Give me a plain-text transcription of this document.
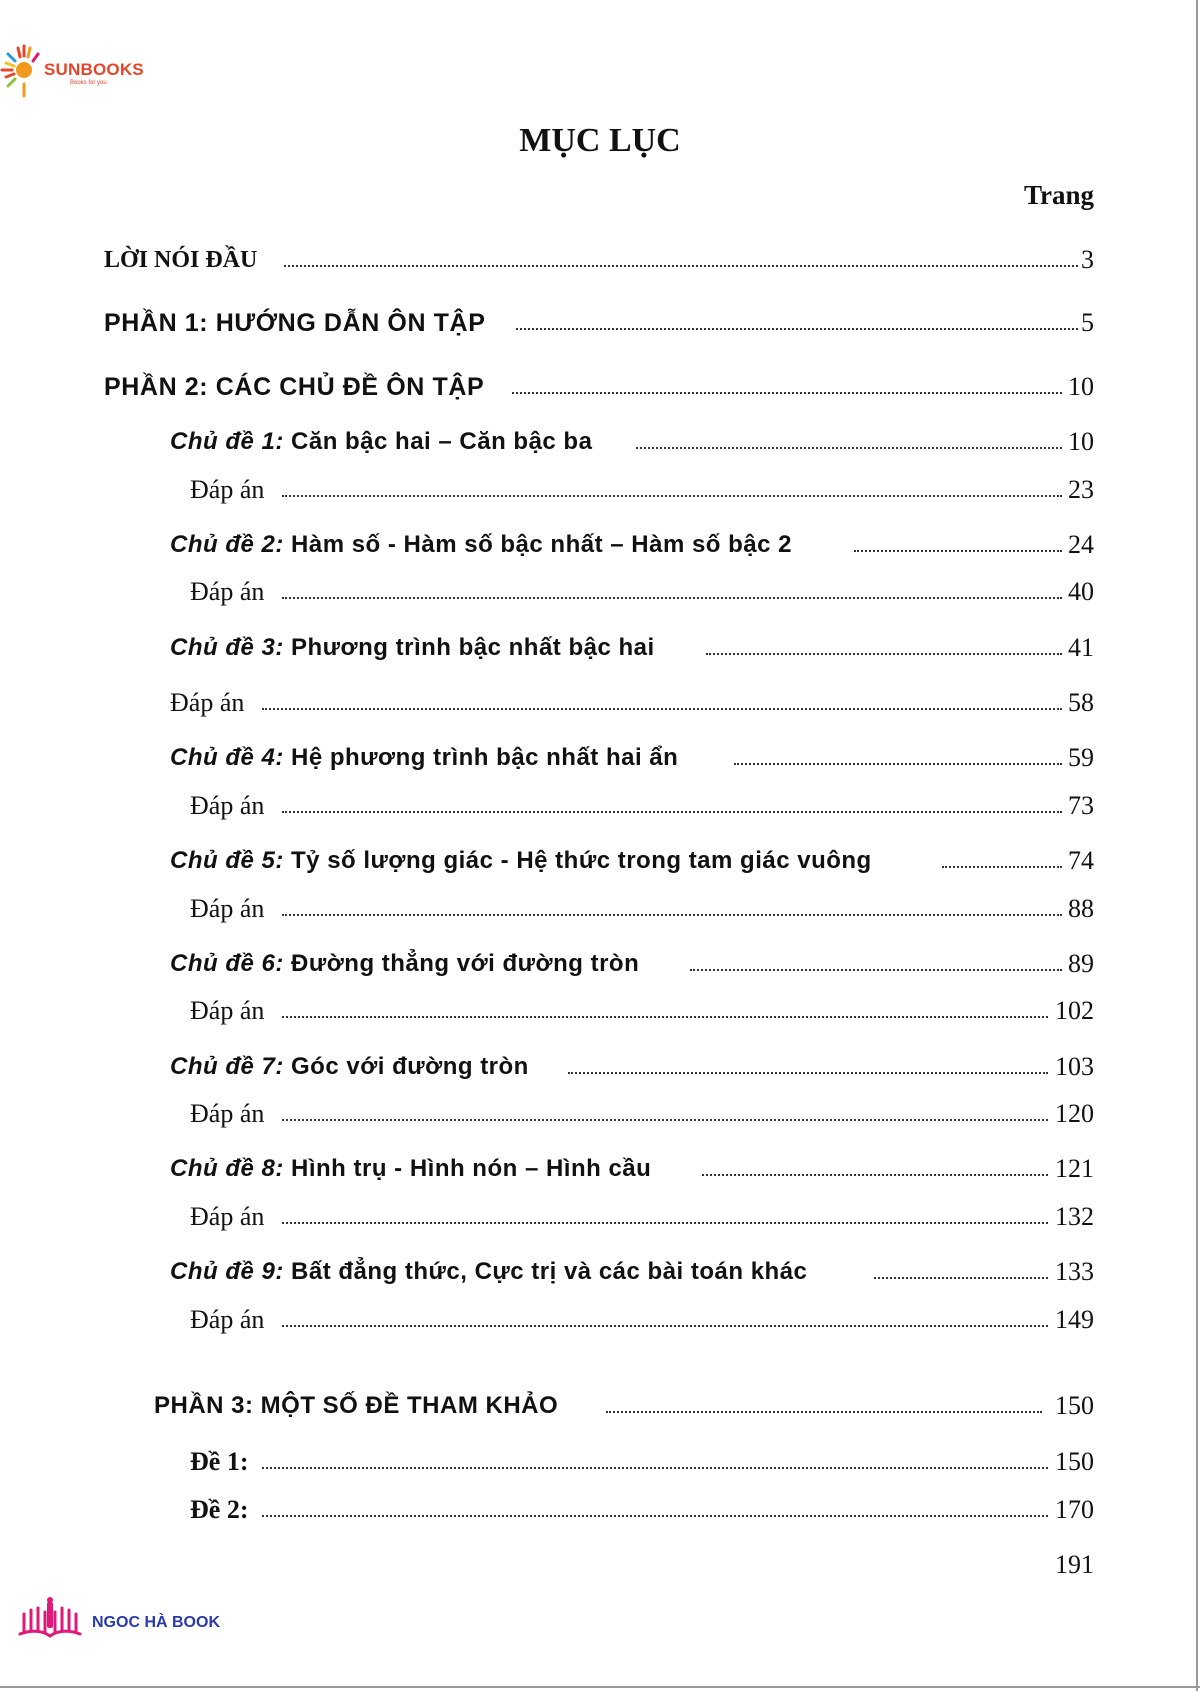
SUNBOOKS
Books for you
MỤC LỤC
Trang
LỜI NÓI ĐẦU	3
PHẦN 1: HƯỚNG DẪN ÔN TẬP	5
PHẦN 2: CÁC CHỦ ĐỀ ÔN TẬP	10
Chủ đề 1: Căn bậc hai – Căn bậc ba	10
Đáp án	23
Chủ đề 2: Hàm số - Hàm số bậc nhất – Hàm số bậc 2	24
Đáp án	40
Chủ đề 3: Phương trình bậc nhất bậc hai	41
Đáp án	58
Chủ đề 4: Hệ phương trình bậc nhất hai ẩn	59
Đáp án	73
Chủ đề 5: Tỷ số lượng giác - Hệ thức trong tam giác vuông	74
Đáp án	88
Chủ đề 6: Đường thẳng với đường tròn	89
Đáp án	102
Chủ đề 7: Góc với đường tròn	103
Đáp án	120
Chủ đề 8: Hình trụ - Hình nón – Hình cầu	121
Đáp án	132
Chủ đề 9: Bất đẳng thức, Cực trị và các bài toán khác	133
Đáp án	149
PHẦN 3: MỘT SỐ ĐỀ THAM KHẢO	150
Đề 1:	150
Đề 2:	170
191
NGOC HÀ BOOK
